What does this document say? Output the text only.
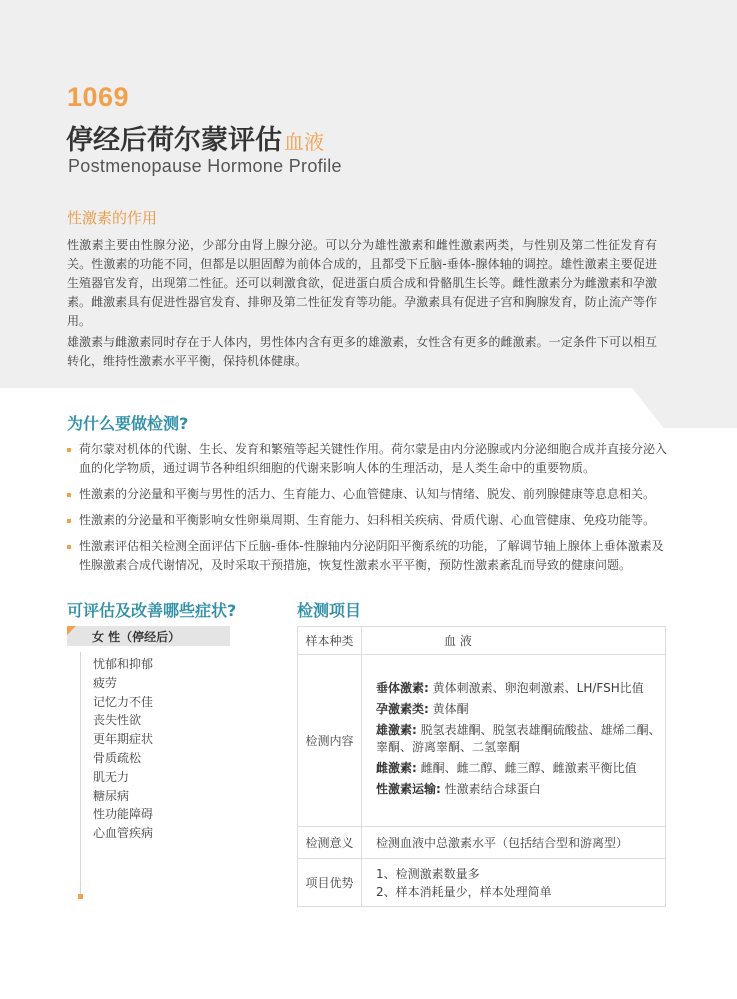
1069
停经后荷尔蒙评估 血液
Postmenopause Hormone Profile
性激素的作用
性激素主要由性腺分泌，少部分由肾上腺分泌。可以分为雄性激素和雌性激素两类，与性别及第二性征发育有关。性激素的功能不同，但都是以胆固醇为前体合成的，且都受下丘脑-垂体-腺体轴的调控。雄性激素主要促进生殖器官发育，出现第二性征。还可以刺激食欲，促进蛋白质合成和骨骼肌生长等。雌性激素分为雌激素和孕激素。雌激素具有促进性器官发育、排卵及第二性征发育等功能。孕激素具有促进子宫和胸腺发育，防止流产等作用。
雄激素与雌激素同时存在于人体内，男性体内含有更多的雄激素，女性含有更多的雌激素。一定条件下可以相互转化，维持性激素水平平衡，保持机体健康。
为什么要做检测?
荷尔蒙对机体的代谢、生长、发育和繁殖等起关键性作用。荷尔蒙是由内分泌腺或内分泌细胞合成并直接分泌入血的化学物质，通过调节各种组织细胞的代谢来影响人体的生理活动，是人类生命中的重要物质。
性激素的分泌量和平衡与男性的活力、生育能力、心血管健康、认知与情绪、脱发、前列腺健康等息息相关。
性激素的分泌量和平衡影响女性卵巢周期、生育能力、妇科相关疾病、骨质代谢、心血管健康、免疫功能等。
性激素评估相关检测全面评估下丘脑-垂体-性腺轴内分泌阴阳平衡系统的功能，了解调节轴上腺体上垂体激素及性腺激素合成代谢情况，及时采取干预措施，恢复性激素水平平衡，预防性激素紊乱而导致的健康问题。
可评估及改善哪些症状?
女 性（停经后）
忧郁和抑郁
疲劳
记忆力不佳
丧失性欲
更年期症状
骨质疏松
肌无力
糖尿病
性功能障碍
心血管疾病
检测项目
样本种类	血 液
检测内容	垂体激素: 黄体刺激素、卵泡刺激素、LH/FSH比值
孕激素类: 黄体酮
雄激素: 脱氢表雄酮、脱氢表雄酮硫酸盐、雄烯二酮、睾酮、游离睾酮、二氢睾酮
雌激素: 雌酮、雌二醇、雌三醇、雌激素平衡比值
性激素运输: 性激素结合球蛋白

检测意义	检测血液中总激素水平（包括结合型和游离型）
项目优势	1、检测激素数量多
2、样本消耗量少，样本处理简单
